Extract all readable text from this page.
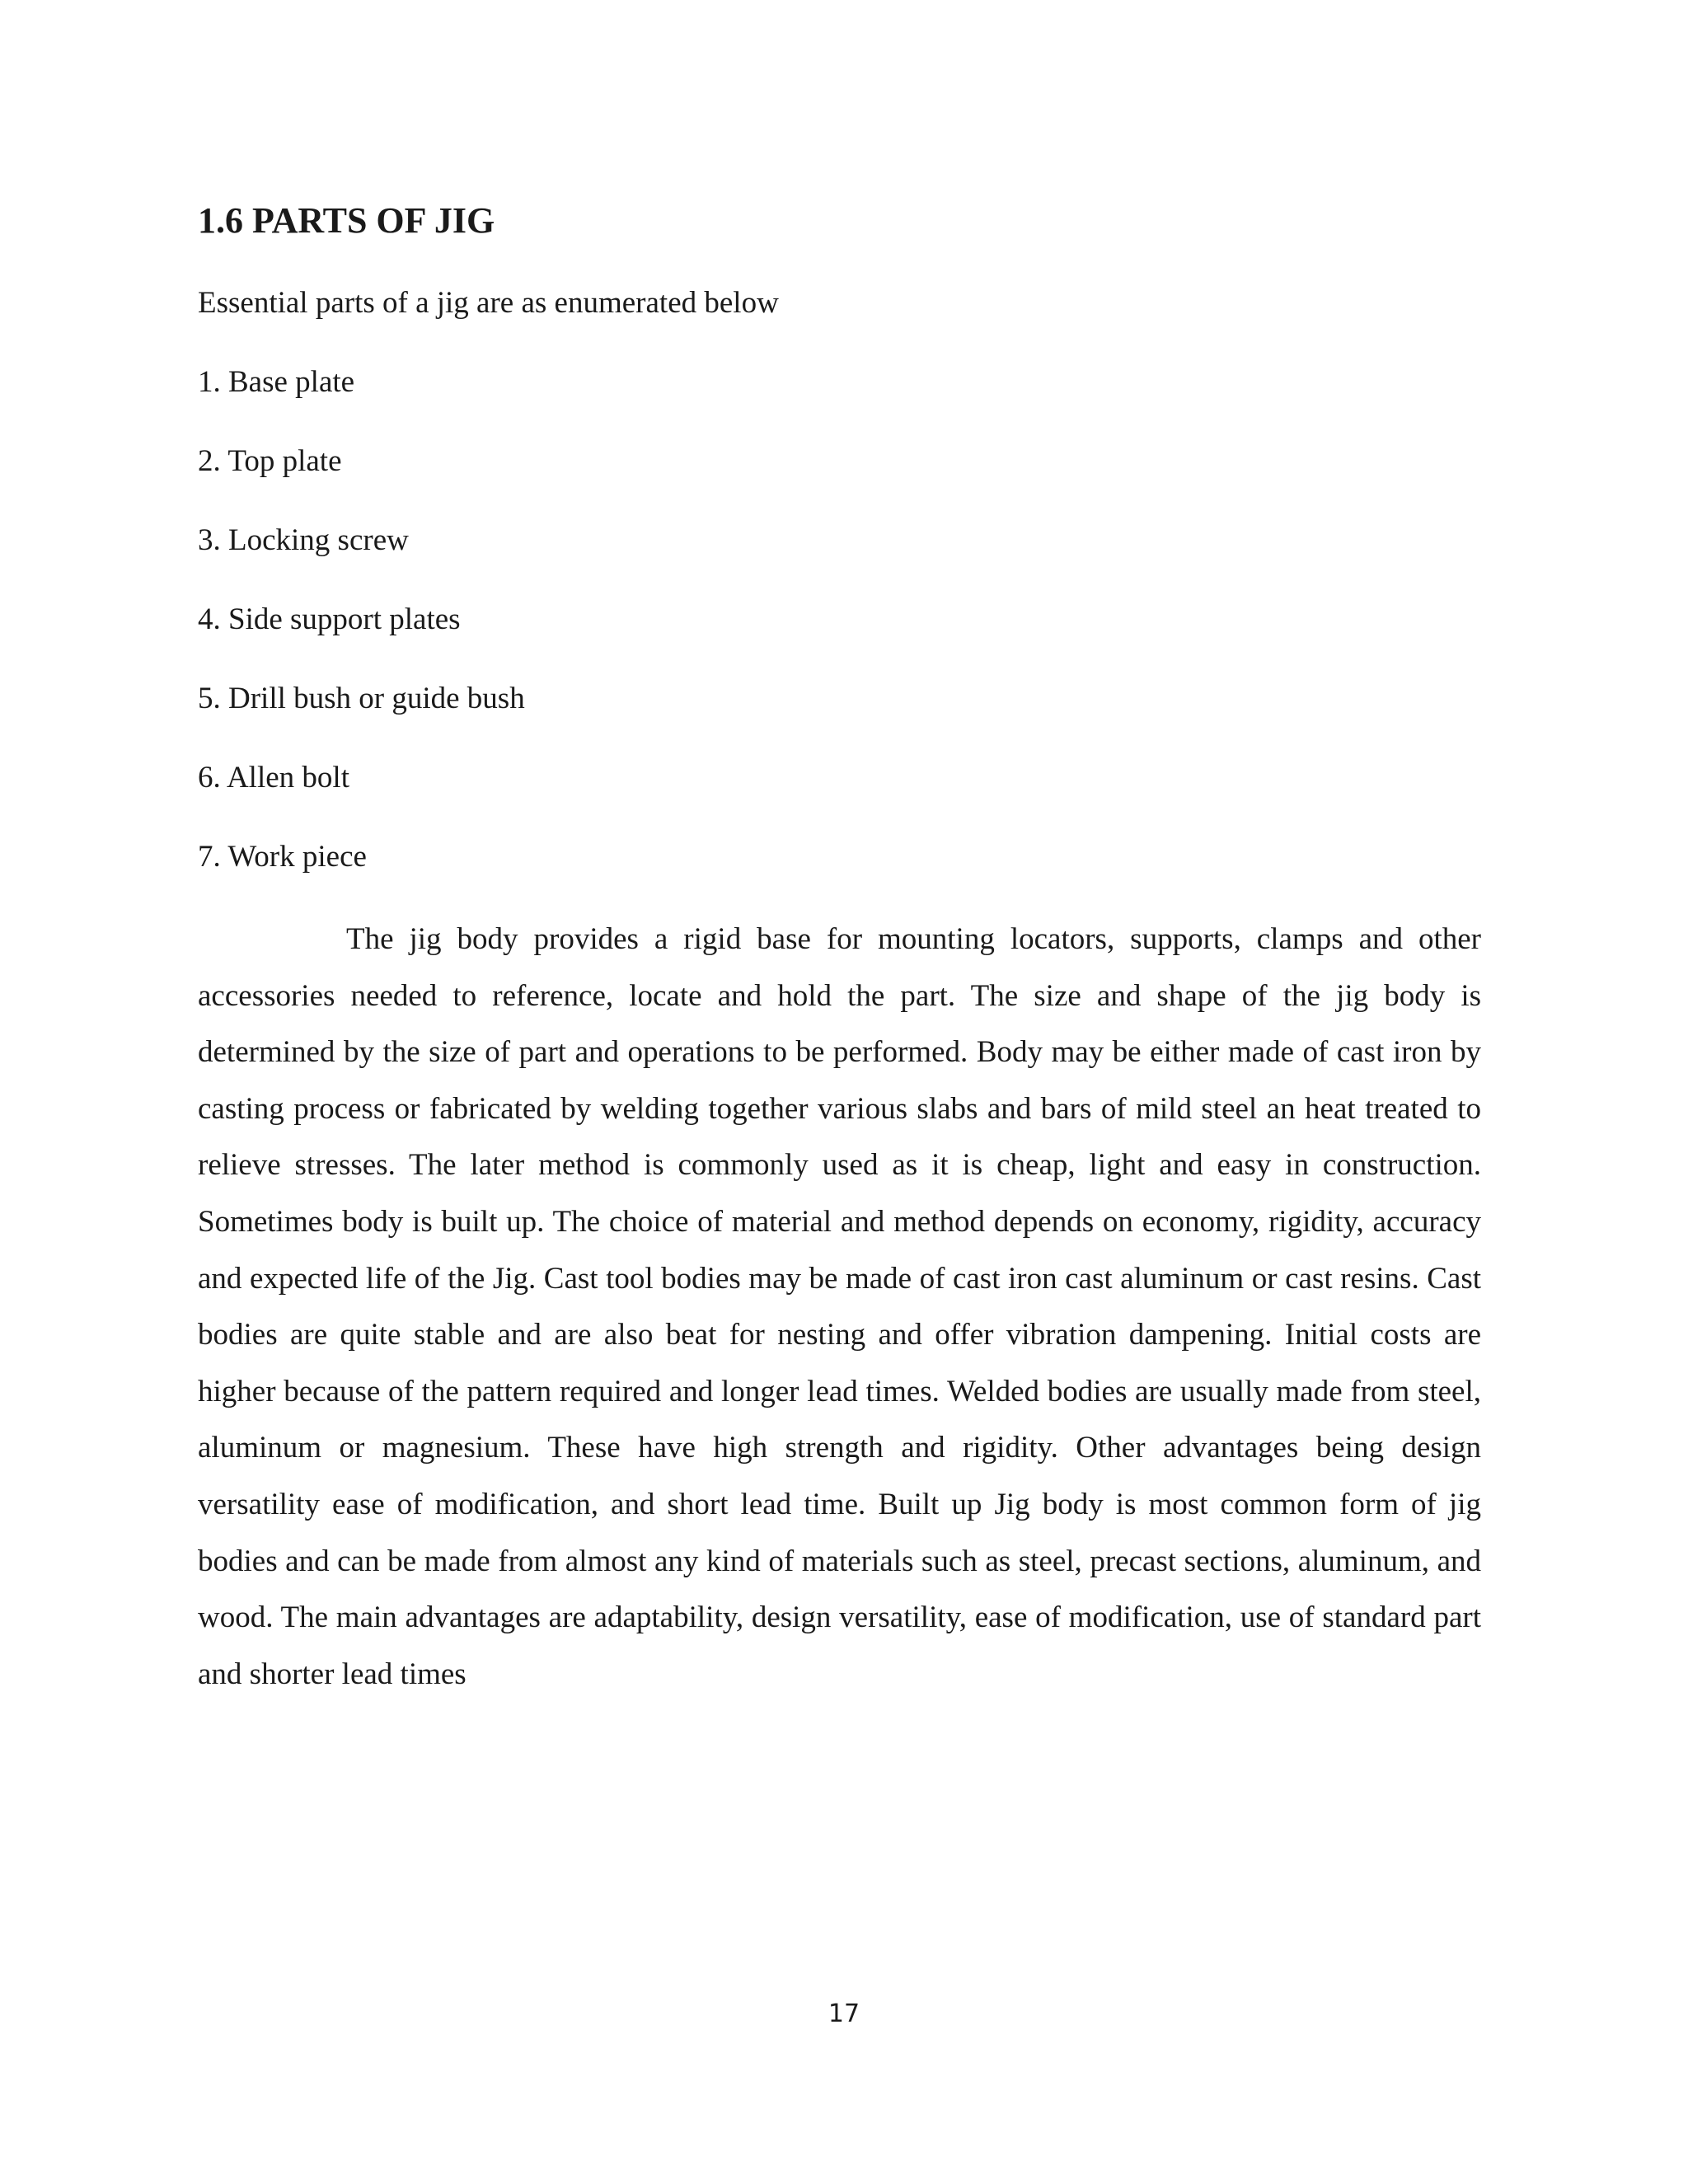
1.6 PARTS OF JIG

Essential parts of a jig are as enumerated below

1. Base plate
2. Top plate
3. Locking screw
4. Side support plates
5. Drill bush or guide bush
6. Allen bolt
7. Work piece

The jig body provides a rigid base for mounting locators, supports, clamps and other accessories needed to reference, locate and hold the part. The size and shape of the jig body is determined by the size of part and operations to be performed. Body may be either made of cast iron by casting process or fabricated by welding together various slabs and bars of mild steel an heat treated to relieve stresses. The later method is commonly used as it is cheap, light and easy in construction. Sometimes body is built up. The choice of material and method depends on economy, rigidity, accuracy and expected life of the Jig. Cast tool bodies may be made of cast iron cast aluminum or cast resins. Cast bodies are quite stable and are also beat for nesting and offer vibration dampening. Initial costs are higher because of the pattern required and longer lead times. Welded bodies are usually made from steel, aluminum or magnesium. These have high strength and rigidity. Other advantages being design versatility ease of modification, and short lead time. Built up Jig body is most common form of jig bodies and can be made from almost any kind of materials such as steel, precast sections, aluminum, and wood. The main advantages are adaptability, design versatility, ease of modification, use of standard part and shorter lead times

17
